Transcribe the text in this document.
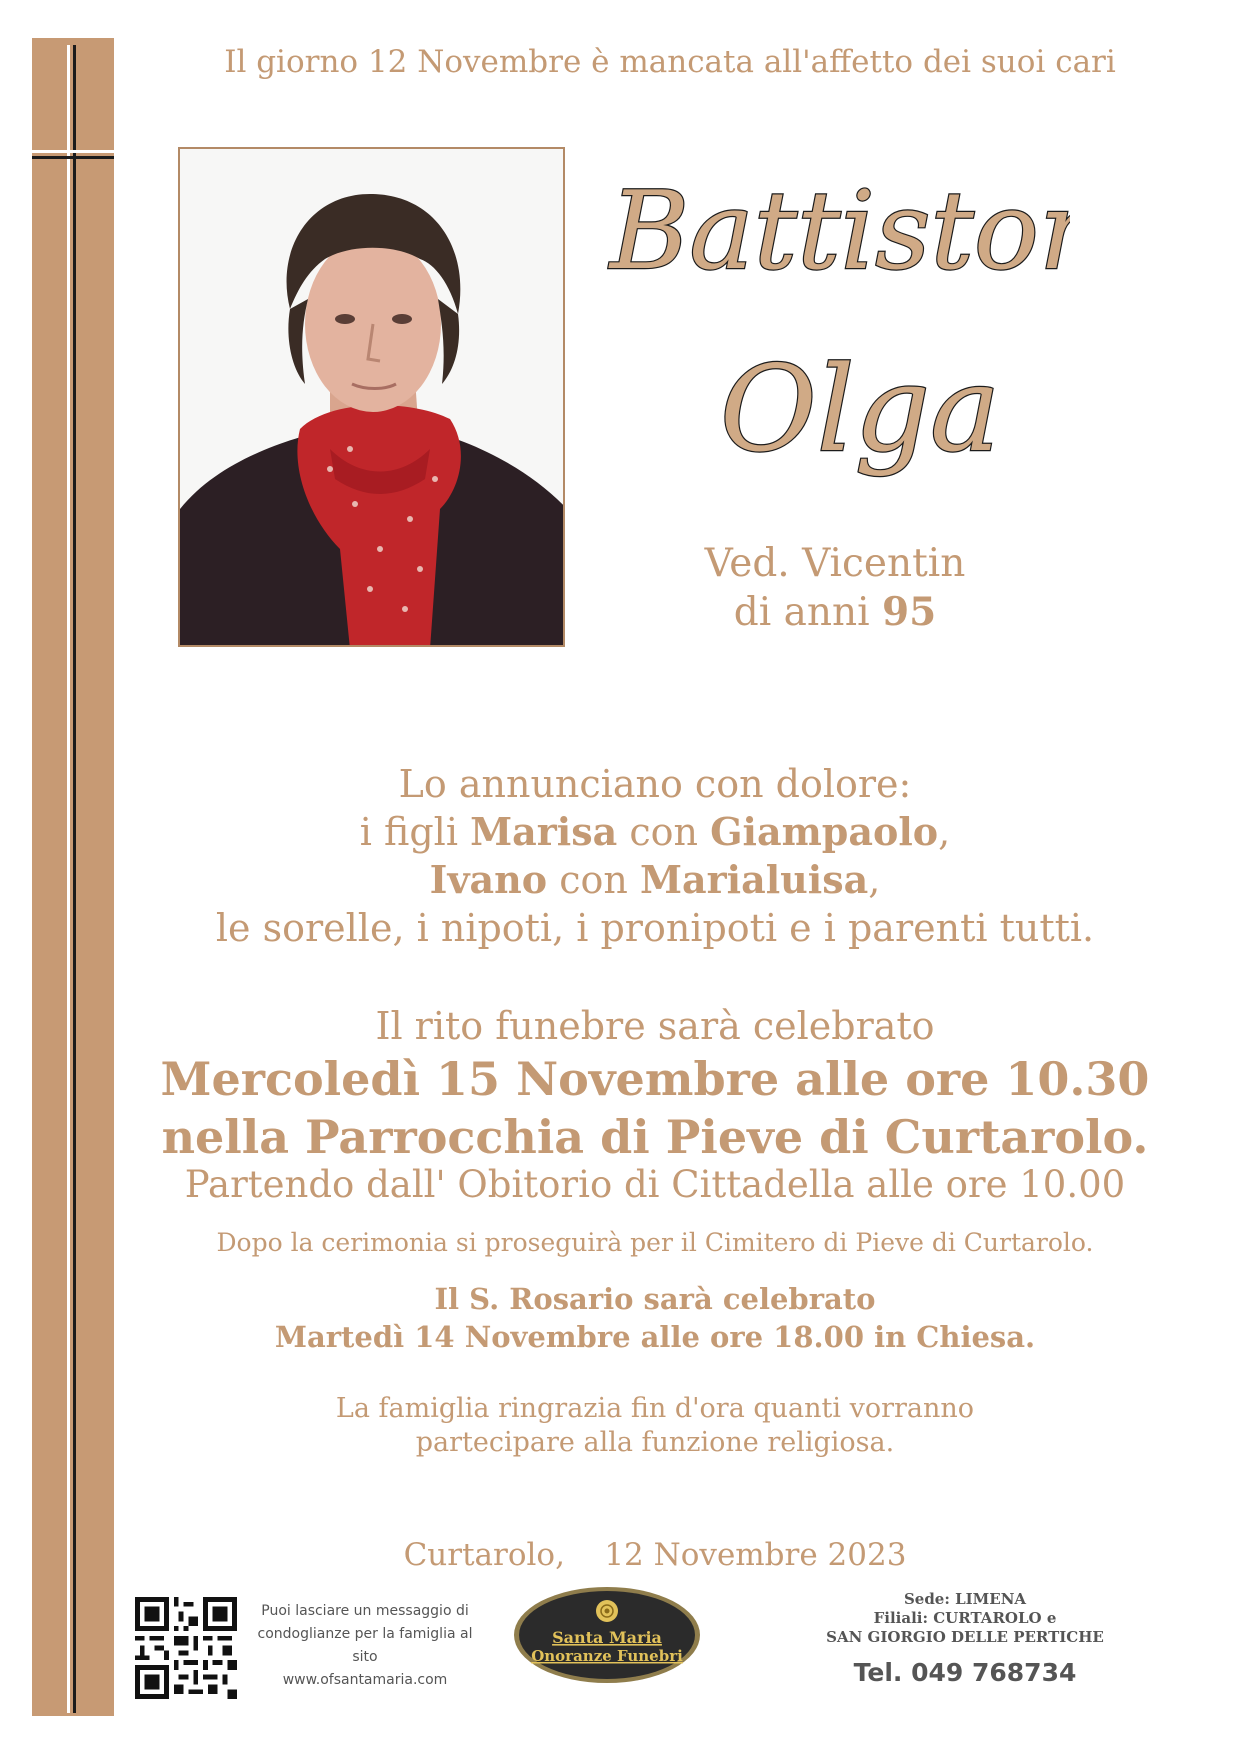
Il giorno 12 Novembre è mancata all'affetto dei suoi cari
Battiston
Olga
Ved. Vicentin
di anni 95
Lo annunciano con dolore:
i figli Marisa con Giampaolo,
Ivano con Marialuisa,
le sorelle, i nipoti, i pronipoti e i parenti tutti.
Il rito funebre sarà celebrato
Mercoledì 15 Novembre alle ore 10.30
nella Parrocchia di Pieve di Curtarolo.
Partendo dall' Obitorio di Cittadella alle ore 10.00
Dopo la cerimonia si proseguirà per il Cimitero di Pieve di Curtarolo.
Il S. Rosario sarà celebrato
Martedì 14 Novembre alle ore 18.00 in Chiesa.
La famiglia ringrazia fin d'ora quanti vorranno
partecipare alla funzione religiosa.
Curtarolo,    12 Novembre 2023
Puoi lasciare un messaggio di
condoglianze per la famiglia al
sito
www.ofsantamaria.com
Santa Maria
Onoranze Funebri
Sede: LIMENA
Filiali: CURTAROLO e
SAN GIORGIO DELLE PERTICHE
Tel. 049 768734
